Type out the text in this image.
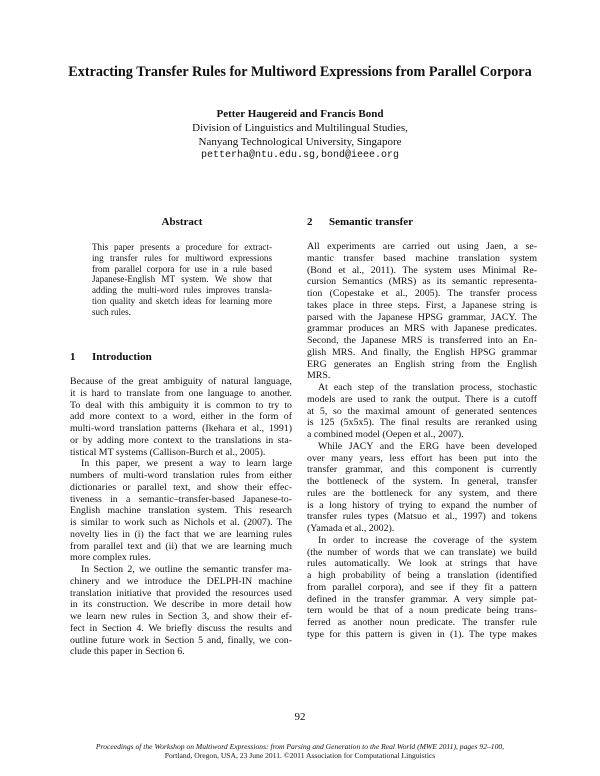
Extracting Transfer Rules for Multiword Expressions from Parallel Corpora
Petter Haugereid and Francis Bond
Division of Linguistics and Multilingual Studies,
Nanyang Technological University, Singapore
petterha@ntu.edu.sg,bond@ieee.org
Abstract
This paper presents a procedure for extract-
ing transfer rules for multiword expressions
from parallel corpora for use in a rule based
Japanese-English MT system. We show that
adding the multi-word rules improves transla-
tion quality and sketch ideas for learning more
such rules.
1 Introduction
Because of the great ambiguity of natural language,
it is hard to translate from one language to another.
To deal with this ambiguity it is common to try to
add more context to a word, either in the form of
multi-word translation patterns (Ikehara et al., 1991)
or by adding more context to the translations in sta-
tistical MT systems (Callison-Burch et al., 2005).
In this paper, we present a way to learn large
numbers of multi-word translation rules from either
dictionaries or parallel text, and show their effec-
tiveness in a semantic–transfer-based Japanese-to-
English machine translation system. This research
is similar to work such as Nichols et al. (2007). The
novelty lies in (i) the fact that we are learning rules
from parallel text and (ii) that we are learning much
more complex rules.
In Section 2, we outline the semantic transfer ma-
chinery and we introduce the DELPH-IN machine
translation initiative that provided the resources used
in its construction. We describe in more detail how
we learn new rules in Section 3, and show their ef-
fect in Section 4. We briefly discuss the results and
outline future work in Section 5 and, finally, we con-
clude this paper in Section 6.
2 Semantic transfer
All experiments are carried out using Jaen, a se-
mantic transfer based machine translation system
(Bond et al., 2011). The system uses Minimal Re-
cursion Semantics (MRS) as its semantic representa-
tion (Copestake et al., 2005). The transfer process
takes place in three steps. First, a Japanese string is
parsed with the Japanese HPSG grammar, JACY. The
grammar produces an MRS with Japanese predicates.
Second, the Japanese MRS is transferred into an En-
glish MRS. And finally, the English HPSG grammar
ERG generates an English string from the English
MRS.
At each step of the translation process, stochastic
models are used to rank the output. There is a cutoff
at 5, so the maximal amount of generated sentences
is 125 (5x5x5). The final results are reranked using
a combined model (Oepen et al., 2007).
While JACY and the ERG have been developed
over many years, less effort has been put into the
transfer grammar, and this component is currently
the bottleneck of the system. In general, transfer
rules are the bottleneck for any system, and there
is a long history of trying to expand the number of
transfer rules types (Matsuo et al., 1997) and tokens
(Yamada et al., 2002).
In order to increase the coverage of the system
(the number of words that we can translate) we build
rules automatically. We look at strings that have
a high probability of being a translation (identified
from parallel corpora), and see if they fit a pattern
defined in the transfer grammar. A very simple pat-
tern would be that of a noun predicate being trans-
ferred as another noun predicate. The transfer rule
type for this pattern is given in (1). The type makes
92
Proceedings of the Workshop on Multiword Expressions: from Parsing and Generation to the Real World (MWE 2011), pages 92–100,
Portland, Oregon, USA, 23 June 2011. ©2011 Association for Computational Linguistics
